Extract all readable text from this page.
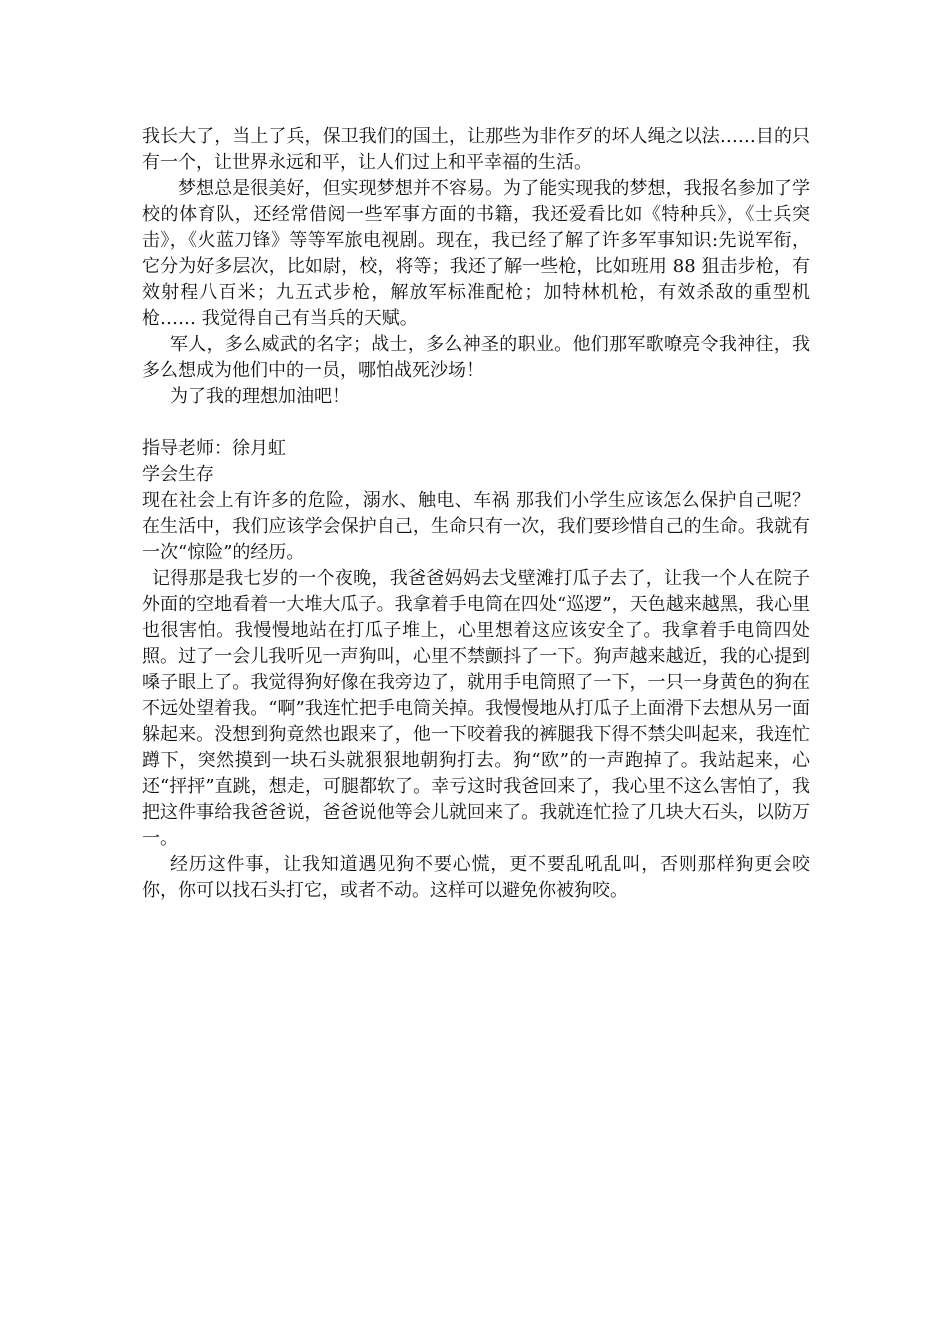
我长大了，当上了兵，保卫我们的国土，让那些为非作歹的坏人绳之以法……目的只有一个，让世界永远和平，让人们过上和平幸福的生活。

梦想总是很美好，但实现梦想并不容易。为了能实现我的梦想，我报名参加了学校的体育队，还经常借阅一些军事方面的书籍，我还爱看比如《特种兵》，《士兵突击》，《火蓝刀锋》等等军旅电视剧。现在，我已经了解了许多军事知识:先说军衔，它分为好多层次，比如尉，校，将等；我还了解一些枪，比如班用 88 狙击步枪，有效射程八百米；九五式步枪，解放军标准配枪；加特林机枪，有效杀敌的重型机枪…… 我觉得自己有当兵的天赋。

军人，多么威武的名字；战士，多么神圣的职业。他们那军歌嘹亮令我神往，我多么想成为他们中的一员，哪怕战死沙场！

为了我的理想加油吧！

指导老师：徐月虹

学会生存

现在社会上有许多的危险，溺水、触电、车祸 那我们小学生应该怎么保护自己呢？在生活中，我们应该学会保护自己，生命只有一次，我们要珍惜自己的生命。我就有一次“惊险”的经历。

记得那是我七岁的一个夜晚，我爸爸妈妈去戈壁滩打瓜子去了，让我一个人在院子外面的空地看着一大堆大瓜子。我拿着手电筒在四处“巡逻”，天色越来越黑，我心里也很害怕。我慢慢地站在打瓜子堆上，心里想着这应该安全了。我拿着手电筒四处照。过了一会儿我听见一声狗叫，心里不禁颤抖了一下。狗声越来越近，我的心提到嗓子眼上了。我觉得狗好像在我旁边了，就用手电筒照了一下，一只一身黄色的狗在不远处望着我。“啊”我连忙把手电筒关掉。我慢慢地从打瓜子上面滑下去想从另一面躲起来。没想到狗竟然也跟来了，他一下咬着我的裤腿我下得不禁尖叫起来，我连忙蹲下，突然摸到一块石头就狠狠地朝狗打去。狗“欧”的一声跑掉了。我站起来，心还“抨抨”直跳，想走，可腿都软了。幸亏这时我爸回来了，我心里不这么害怕了，我把这件事给我爸爸说，爸爸说他等会儿就回来了。我就连忙捡了几块大石头，以防万一。

经历这件事，让我知道遇见狗不要心慌，更不要乱吼乱叫，否则那样狗更会咬你，你可以找石头打它，或者不动。这样可以避免你被狗咬。
